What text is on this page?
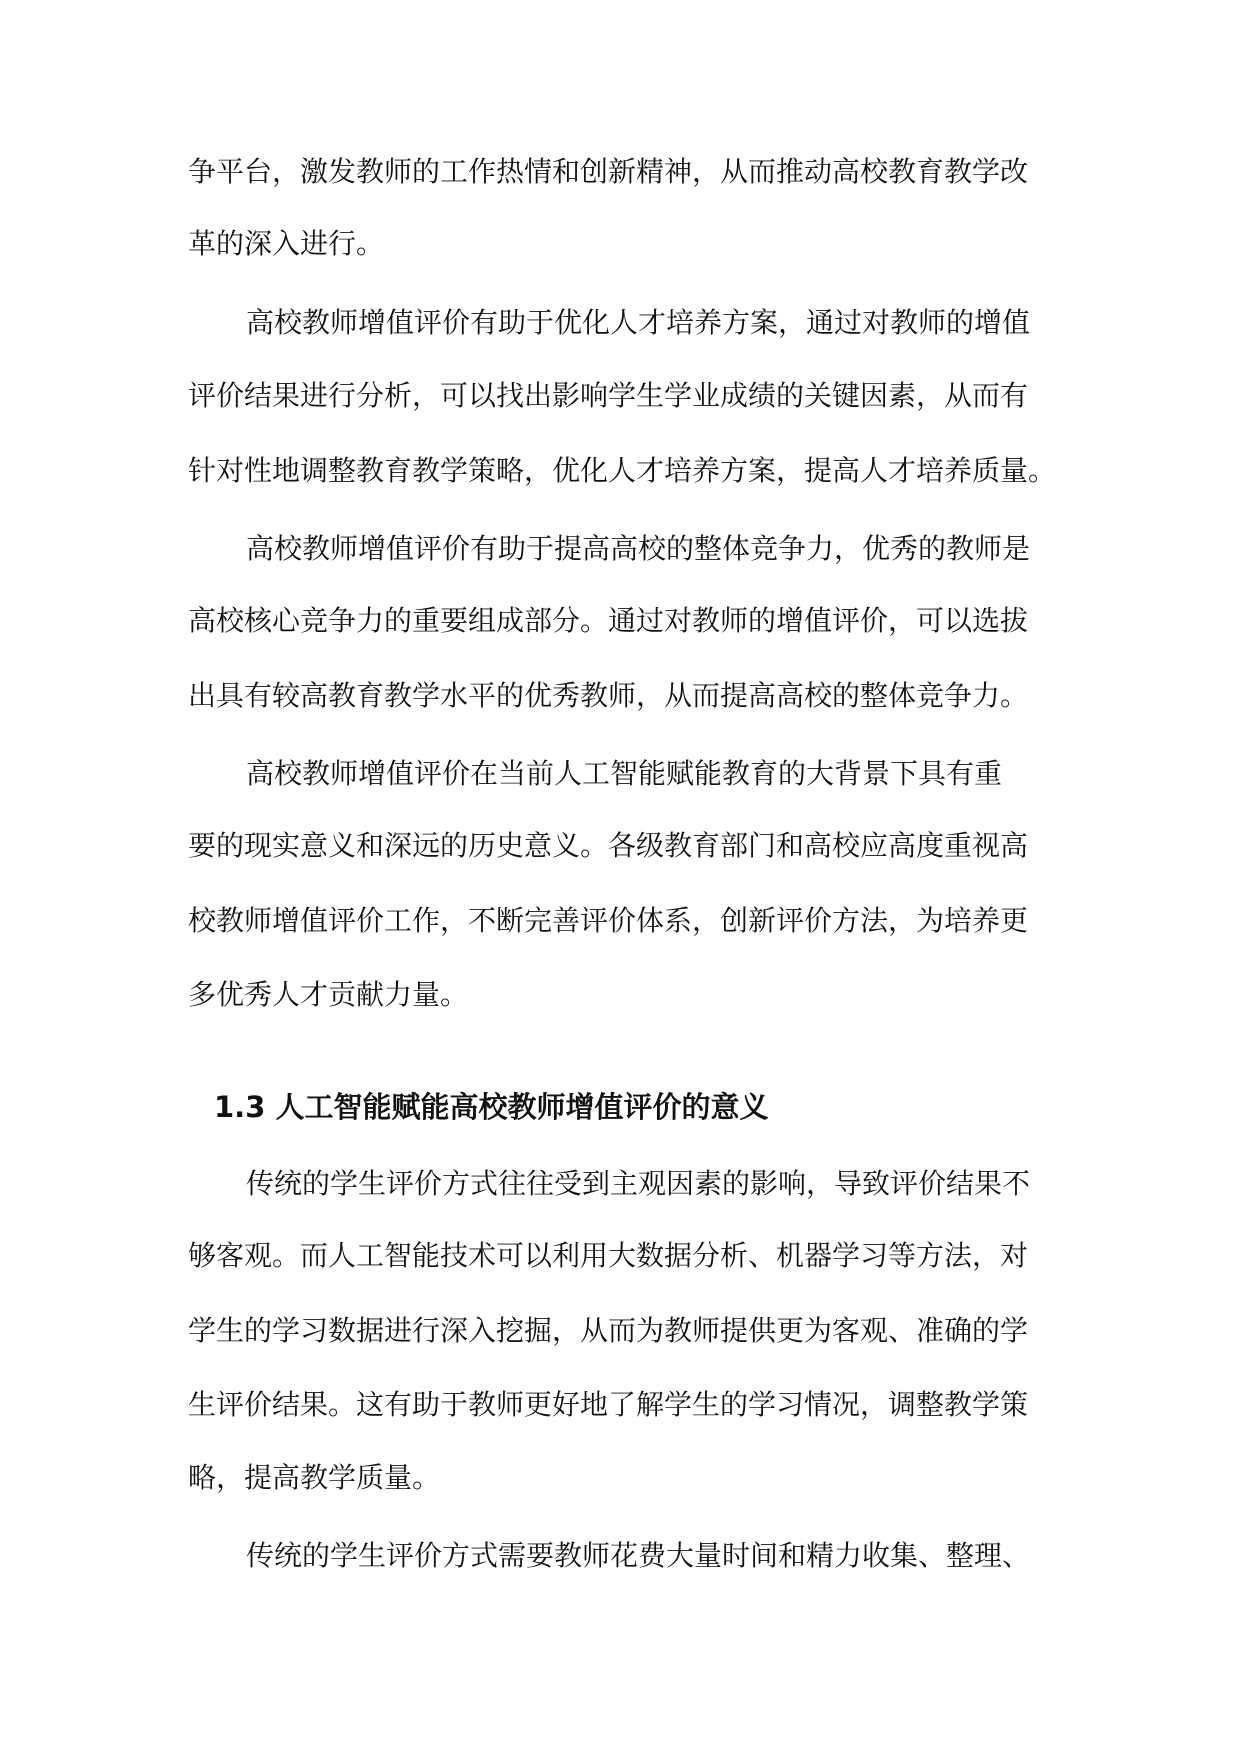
争平台，激发教师的工作热情和创新精神，从而推动高校教育教学改
革的深入进行。
高校教师增值评价有助于优化人才培养方案，通过对教师的增值
评价结果进行分析，可以找出影响学生学业成绩的关键因素，从而有
针对性地调整教育教学策略，优化人才培养方案，提高人才培养质量。
高校教师增值评价有助于提高高校的整体竞争力，优秀的教师是
高校核心竞争力的重要组成部分。通过对教师的增值评价，可以选拔
出具有较高教育教学水平的优秀教师，从而提高高校的整体竞争力。
高校教师增值评价在当前人工智能赋能教育的大背景下具有重
要的现实意义和深远的历史意义。各级教育部门和高校应高度重视高
校教师增值评价工作，不断完善评价体系，创新评价方法，为培养更
多优秀人才贡献力量。
1.3 人工智能赋能高校教师增值评价的意义
传统的学生评价方式往往受到主观因素的影响，导致评价结果不
够客观。而人工智能技术可以利用大数据分析、机器学习等方法，对
学生的学习数据进行深入挖掘，从而为教师提供更为客观、准确的学
生评价结果。这有助于教师更好地了解学生的学习情况，调整教学策
略，提高教学质量。
传统的学生评价方式需要教师花费大量时间和精力收集、整理、
